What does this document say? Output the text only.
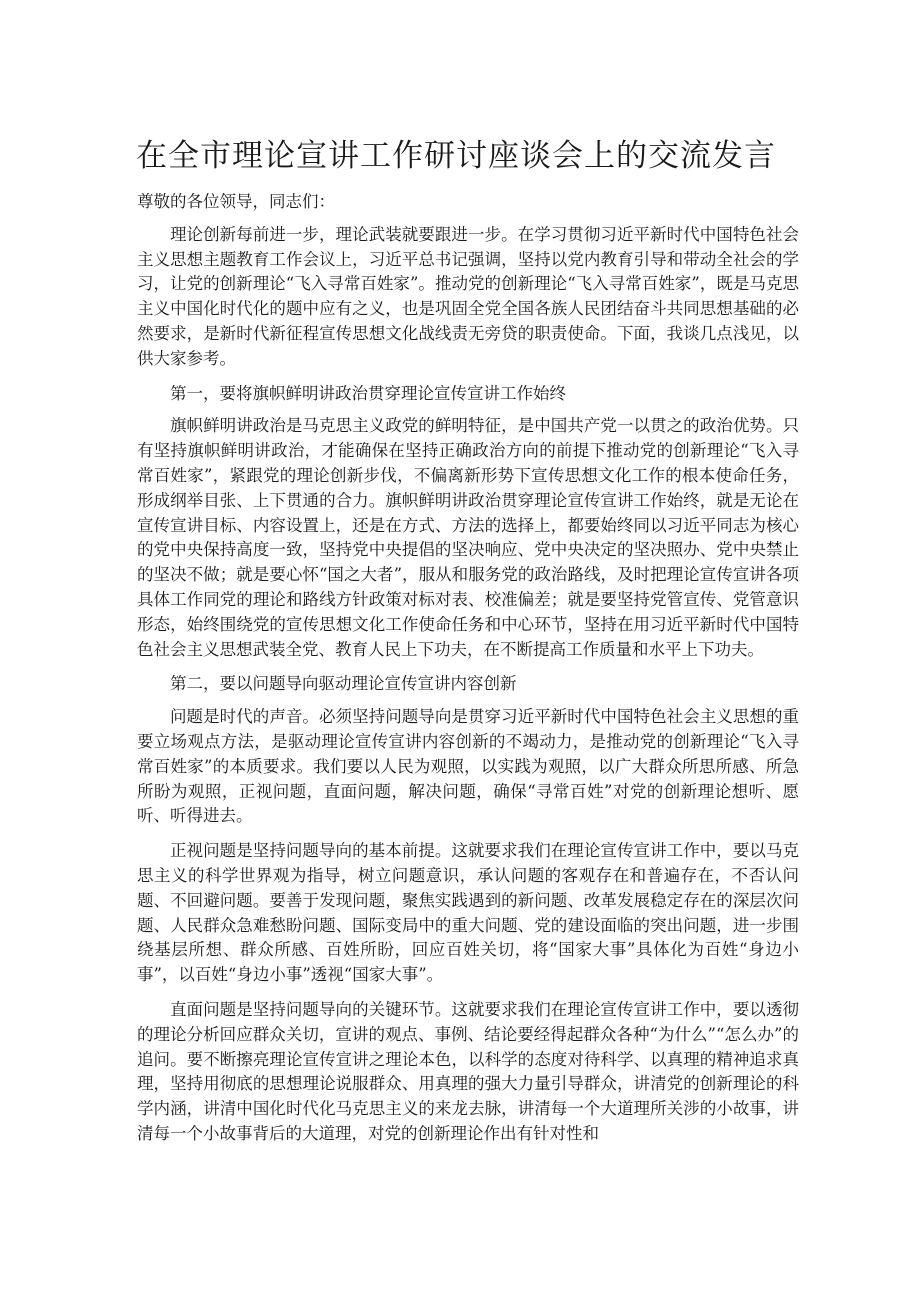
在全市理论宣讲工作研讨座谈会上的交流发言

尊敬的各位领导，同志们：

理论创新每前进一步，理论武装就要跟进一步。在学习贯彻习近平新时代中国特色社会主义思想主题教育工作会议上，习近平总书记强调，坚持以党内教育引导和带动全社会的学习，让党的创新理论“飞入寻常百姓家”。推动党的创新理论“飞入寻常百姓家”，既是马克思主义中国化时代化的题中应有之义，也是巩固全党全国各族人民团结奋斗共同思想基础的必然要求，是新时代新征程宣传思想文化战线责无旁贷的职责使命。下面，我谈几点浅见，以供大家参考。

第一，要将旗帜鲜明讲政治贯穿理论宣传宣讲工作始终

旗帜鲜明讲政治是马克思主义政党的鲜明特征，是中国共产党一以贯之的政治优势。只有坚持旗帜鲜明讲政治，才能确保在坚持正确政治方向的前提下推动党的创新理论“飞入寻常百姓家”，紧跟党的理论创新步伐，不偏离新形势下宣传思想文化工作的根本使命任务，形成纲举目张、上下贯通的合力。旗帜鲜明讲政治贯穿理论宣传宣讲工作始终，就是无论在宣传宣讲目标、内容设置上，还是在方式、方法的选择上，都要始终同以习近平同志为核心的党中央保持高度一致，坚持党中央提倡的坚决响应、党中央决定的坚决照办、党中央禁止的坚决不做；就是要心怀“国之大者”，服从和服务党的政治路线，及时把理论宣传宣讲各项具体工作同党的理论和路线方针政策对标对表、校准偏差；就是要坚持党管宣传、党管意识形态，始终围绕党的宣传思想文化工作使命任务和中心环节，坚持在用习近平新时代中国特色社会主义思想武装全党、教育人民上下功夫，在不断提高工作质量和水平上下功夫。

第二，要以问题导向驱动理论宣传宣讲内容创新

问题是时代的声音。必须坚持问题导向是贯穿习近平新时代中国特色社会主义思想的重要立场观点方法，是驱动理论宣传宣讲内容创新的不竭动力，是推动党的创新理论“飞入寻常百姓家”的本质要求。我们要以人民为观照，以实践为观照，以广大群众所思所感、所急所盼为观照，正视问题，直面问题，解决问题，确保“寻常百姓”对党的创新理论想听、愿听、听得进去。

正视问题是坚持问题导向的基本前提。这就要求我们在理论宣传宣讲工作中，要以马克思主义的科学世界观为指导，树立问题意识，承认问题的客观存在和普遍存在，不否认问题、不回避问题。要善于发现问题，聚焦实践遇到的新问题、改革发展稳定存在的深层次问题、人民群众急难愁盼问题、国际变局中的重大问题、党的建设面临的突出问题，进一步围绕基层所想、群众所感、百姓所盼，回应百姓关切，将“国家大事”具体化为百姓“身边小事”，以百姓“身边小事”透视“国家大事”。

直面问题是坚持问题导向的关键环节。这就要求我们在理论宣传宣讲工作中，要以透彻的理论分析回应群众关切，宣讲的观点、事例、结论要经得起群众各种“为什么”“怎么办”的追问。要不断擦亮理论宣传宣讲之理论本色，以科学的态度对待科学、以真理的精神追求真理，坚持用彻底的思想理论说服群众、用真理的强大力量引导群众，讲清党的创新理论的科学内涵，讲清中国化时代化马克思主义的来龙去脉，讲清每一个大道理所关涉的小故事，讲清每一个小故事背后的大道理，对党的创新理论作出有针对性和
